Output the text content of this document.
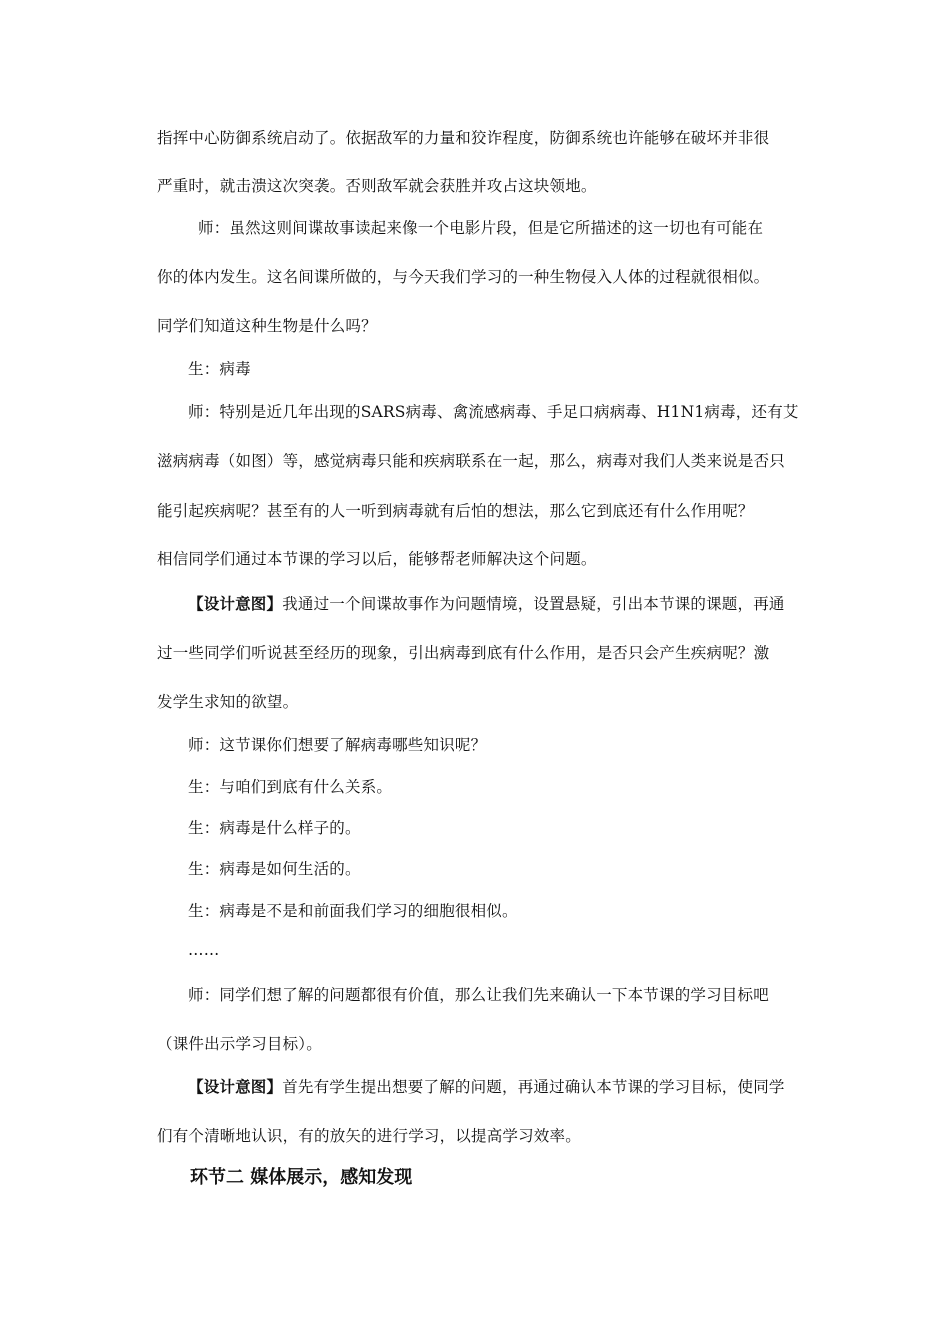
指挥中心防御系统启动了。依据敌军的力量和狡诈程度，防御系统也许能够在破坏并非很
严重时，就击溃这次突袭。否则敌军就会获胜并攻占这块领地。
师：虽然这则间谍故事读起来像一个电影片段，但是它所描述的这一切也有可能在
你的体内发生。这名间谍所做的，与今天我们学习的一种生物侵入人体的过程就很相似。
同学们知道这种生物是什么吗？
生：病毒
师：特别是近几年出现的SARS病毒、禽流感病毒、手足口病病毒、H1N1病毒，还有艾
滋病病毒（如图）等，感觉病毒只能和疾病联系在一起，那么，病毒对我们人类来说是否只
能引起疾病呢？甚至有的人一听到病毒就有后怕的想法，那么它到底还有什么作用呢？
相信同学们通过本节课的学习以后，能够帮老师解决这个问题。
【设计意图】我通过一个间谍故事作为问题情境，设置悬疑，引出本节课的课题，再通
过一些同学们听说甚至经历的现象，引出病毒到底有什么作用，是否只会产生疾病呢？激
发学生求知的欲望。
师：这节课你们想要了解病毒哪些知识呢？
生：与咱们到底有什么关系。
生：病毒是什么样子的。
生：病毒是如何生活的。
生：病毒是不是和前面我们学习的细胞很相似。
……
师：同学们想了解的问题都很有价值，那么让我们先来确认一下本节课的学习目标吧
（课件出示学习目标）。
【设计意图】首先有学生提出想要了解的问题，再通过确认本节课的学习目标，使同学
们有个清晰地认识，有的放矢的进行学习，以提高学习效率。
环节二 媒体展示，感知发现
